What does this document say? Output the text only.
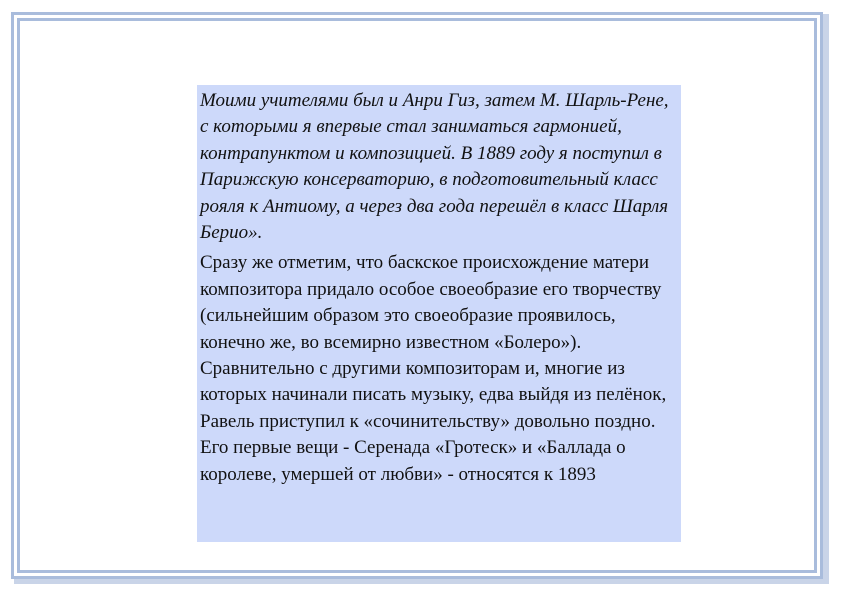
Моими учителями был и Анри Гиз, затем М. Шарль-Рене, с которыми я впервые стал заниматься гармонией, контрапунктом и композицией. В 1889 году я поступил в Парижскую консерваторию, в подготовительный класс рояля к Антиому, а через два года перешёл в класс Шарля Берио».

Сразу же отметим, что баскское происхождение матери композитора придало особое своеобразие его творчеству (сильнейшим образом это своеобразие проявилось, конечно же, во всемирно известном «Болеро»). Сравнительно с другими композиторам и, многие из которых начинали писать музыку, едва выйдя из пелёнок, Равель приступил к «сочинительству» довольно поздно. Его первые вещи - Серенада «Гротеск» и «Баллада о королеве, умершей от любви» - относятся к 1893
